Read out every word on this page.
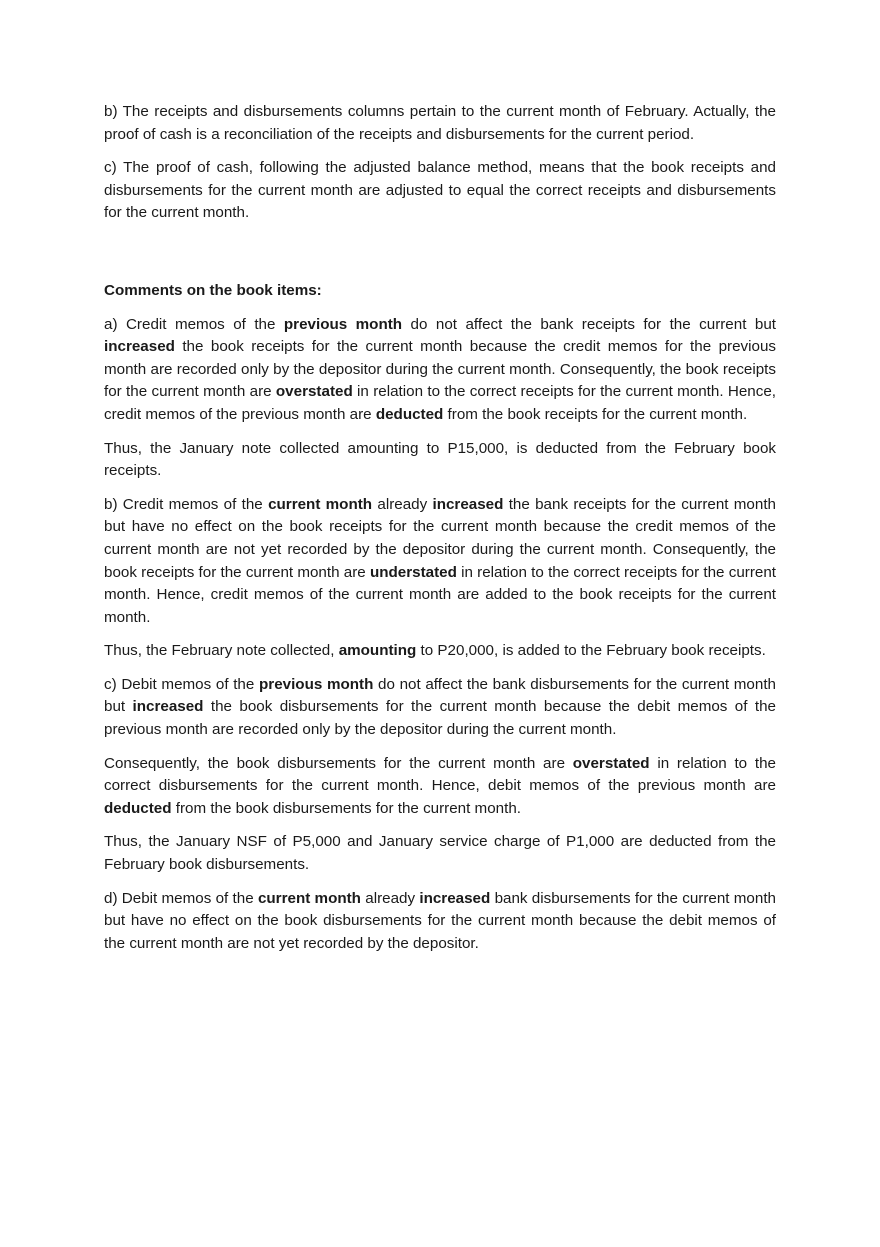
b) The receipts and disbursements columns pertain to the current month of February. Actually, the proof of cash is a reconciliation of the receipts and disbursements for the current period.

c) The proof of cash, following the adjusted balance method, means that the book receipts and disbursements for the current month are adjusted to equal the correct receipts and disbursements for the current month.

Comments on the book items:

a) Credit memos of the previous month do not affect the bank receipts for the current but increased the book receipts for the current month because the credit memos for the previous month are recorded only by the depositor during the current month. Consequently, the book receipts for the current month are overstated in relation to the correct receipts for the current month. Hence, credit memos of the previous month are deducted from the book receipts for the current month.

Thus, the January note collected amounting to P15,000, is deducted from the February book receipts.

b) Credit memos of the current month already increased the bank receipts for the current month but have no effect on the book receipts for the current month because the credit memos of the current month are not yet recorded by the depositor during the current month. Consequently, the book receipts for the current month are understated in relation to the correct receipts for the current month. Hence, credit memos of the current month are added to the book receipts for the current month.

Thus, the February note collected, amounting to P20,000, is added to the February book receipts.

c) Debit memos of the previous month do not affect the bank disbursements for the current month but increased the book disbursements for the current month because the debit memos of the previous month are recorded only by the depositor during the current month.

Consequently, the book disbursements for the current month are overstated in relation to the correct disbursements for the current month. Hence, debit memos of the previous month are deducted from the book disbursements for the current month.

Thus, the January NSF of P5,000 and January service charge of P1,000 are deducted from the February book disbursements.

d) Debit memos of the current month already increased bank disbursements for the current month but have no effect on the book disbursements for the current month because the debit memos of the current month are not yet recorded by the depositor.
